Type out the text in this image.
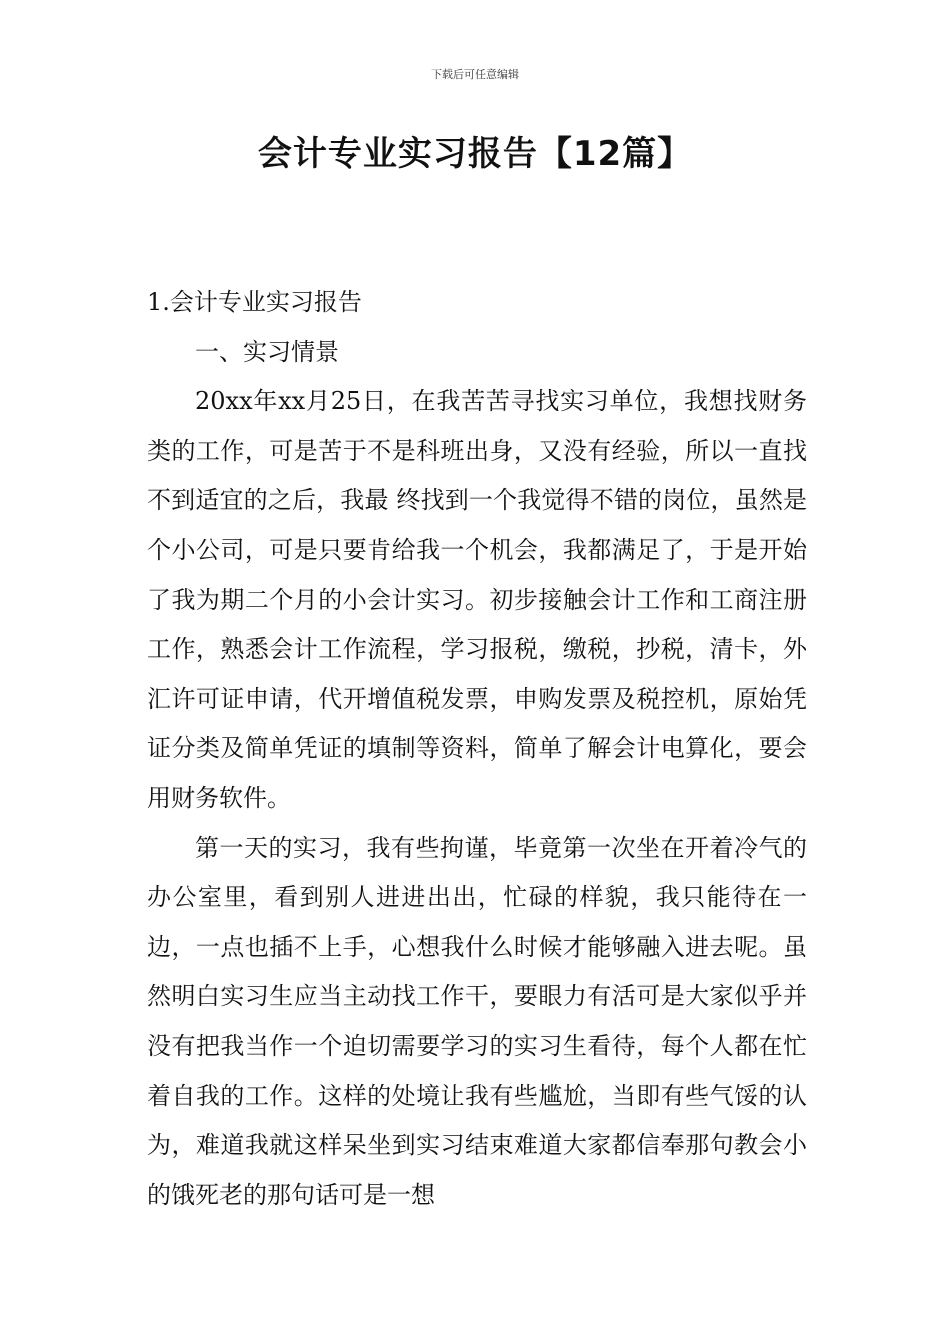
下载后可任意编辑
会计专业实习报告【12篇】

1.会计专业实习报告

一、实习情景

20xx年xx月25日，在我苦苦寻找实习单位，我想找财务类的工作，可是苦于不是科班出身，又没有经验，所以一直找不到适宜的之后，我最 终找到一个我觉得不错的岗位，虽然是个小公司，可是只要肯给我一个机会，我都满足了，于是开始了我为期二个月的小会计实习。初步接触会计工作和工商注册工作，熟悉会计工作流程，学习报税，缴税，抄税，清卡，外汇许可证申请，代开增值税发票，申购发票及税控机，原始凭证分类及简单凭证的填制等资料，简单了解会计电算化，要会用财务软件。

第一天的实习，我有些拘谨，毕竟第一次坐在开着冷气的办公室里，看到别人进进出出，忙碌的样貌，我只能待在一边，一点也插不上手，心想我什么时候才能够融入进去呢。虽然明白实习生应当主动找工作干，要眼力有活可是大家似乎并没有把我当作一个迫切需要学习的实习生看待，每个人都在忙着自我的工作。这样的处境让我有些尴尬，当即有些气馁的认为，难道我就这样呆坐到实习结束难道大家都信奉那句教会小的饿死老的那句话可是一想
